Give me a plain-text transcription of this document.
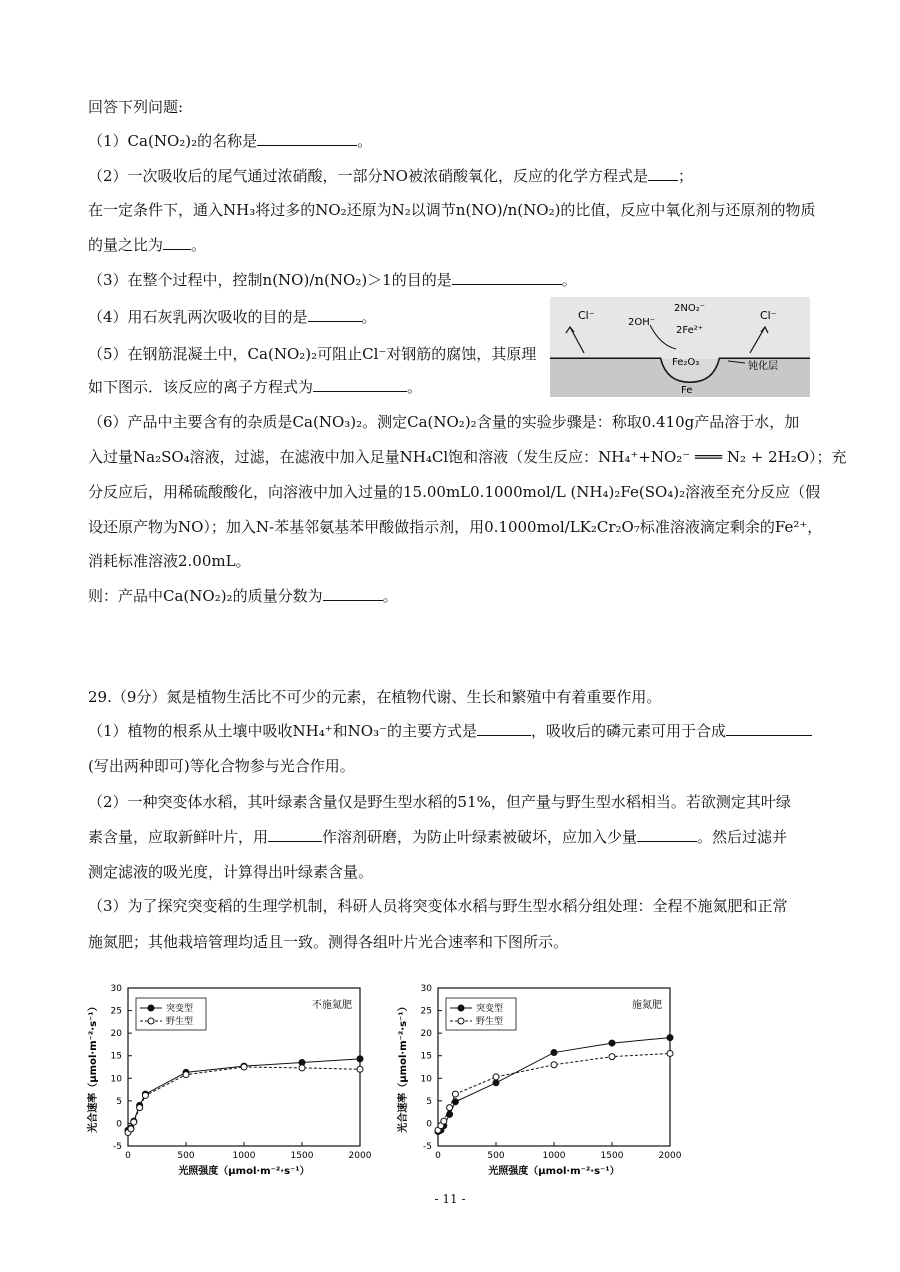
回答下列问题:
（1）Ca(NO₂)₂的名称是	。
（2）一次吸收后的尾气通过浓硝酸，一部分NO被浓硝酸氧化，反应的化学方程式是 ；
在一定条件下，通入NH₃将过多的NO₂还原为N₂以调节n(NO)/n(NO₂)的比值，反应中氧化剂与还原剂的物质
的量之比为 。
（3）在整个过程中，控制n(NO)/n(NO₂)＞1的目的是	。
（4）用石灰乳两次吸收的目的是	。
（5）在钢筋混凝土中，Ca(NO₂)₂可阻止Cl⁻对钢筋的腐蚀，其原理
如下图示．该反应的离子方程式为	。
（6）产品中主要含有的杂质是Ca(NO₃)₂。测定Ca(NO₂)₂含量的实验步骤是：称取0.410g产品溶于水，加
入过量Na₂SO₄溶液，过滤，在滤液中加入足量NH₄Cl饱和溶液（发生反应：NH₄⁺+NO₂⁻ ═══ N₂ + 2H₂O）；充
分反应后，用稀硫酸酸化，向溶液中加入过量的15.00mL0.1000mol/L (NH₄)₂Fe(SO₄)₂溶液至充分反应（假
设还原产物为NO）；加入N-苯基邻氨基苯甲酸做指示剂，用0.1000mol/LK₂Cr₂O₇标准溶液滴定剩余的Fe²⁺，
消耗标准溶液2.00mL。
则：产品中Ca(NO₂)₂的质量分数为	。
29.（9分）氮是植物生活比不可少的元素，在植物代谢、生长和繁殖中有着重要作用。
（1）植物的根系从土壤中吸收NH₄⁺和NO₃⁻的主要方式是	，吸收后的磷元素可用于合成
(写出两种即可)等化合物参与光合作用。
（2）一种突变体水稻，其叶绿素含量仅是野生型水稻的51%，但产量与野生型水稻相当。若欲测定其叶绿
素含量，应取新鲜叶片，用	作溶剂研磨，为防止叶绿素被破坏，应加入少量	。然后过滤并
测定滤液的吸光度，计算得出叶绿素含量。
（3）为了探究突变稻的生理学机制，科研人员将突变体水稻与野生型水稻分组处理：全程不施氮肥和正常
施氮肥；其他栽培管理均适且一致。测得各组叶片光合速率和下图所示。
Cl⁻	Cl⁻
2NO₂⁻
2OH⁻
2Fe²⁺
Fe₂O₃	钝化层
Fe
-5
0
5
10
15
20
25
30
0	500	1000	1500	2000
光照强度（μmol·m⁻²·s⁻¹）
光合速率（μmol·m⁻²·s⁻¹）	不施氮肥
突变型
野生型
-5
0
5
10
15
20
25
30
0	500	1000	1500	2000
光照强度（μmol·m⁻²·s⁻¹）
光合速率（μmol·m⁻²·s⁻¹）	施氮肥
突变型
野生型
- 11 -
